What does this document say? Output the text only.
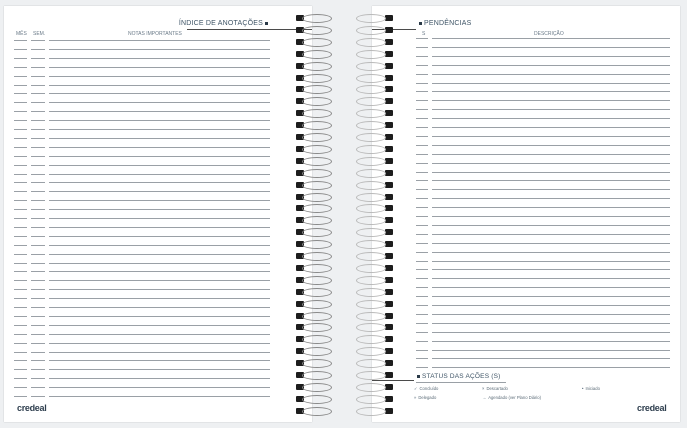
ÍNDICE DE ANOTAÇÕES
MÊS SEM.	NOTAS IMPORTANTES
credeal
PENDÊNCIAS
S	DESCRIÇÃO
STATUS DAS AÇÕES (S)
✓ Concluído	× Descartado	• Iniciado
» Delegado	→ Agendado (ver Plano Diário)
credeal
